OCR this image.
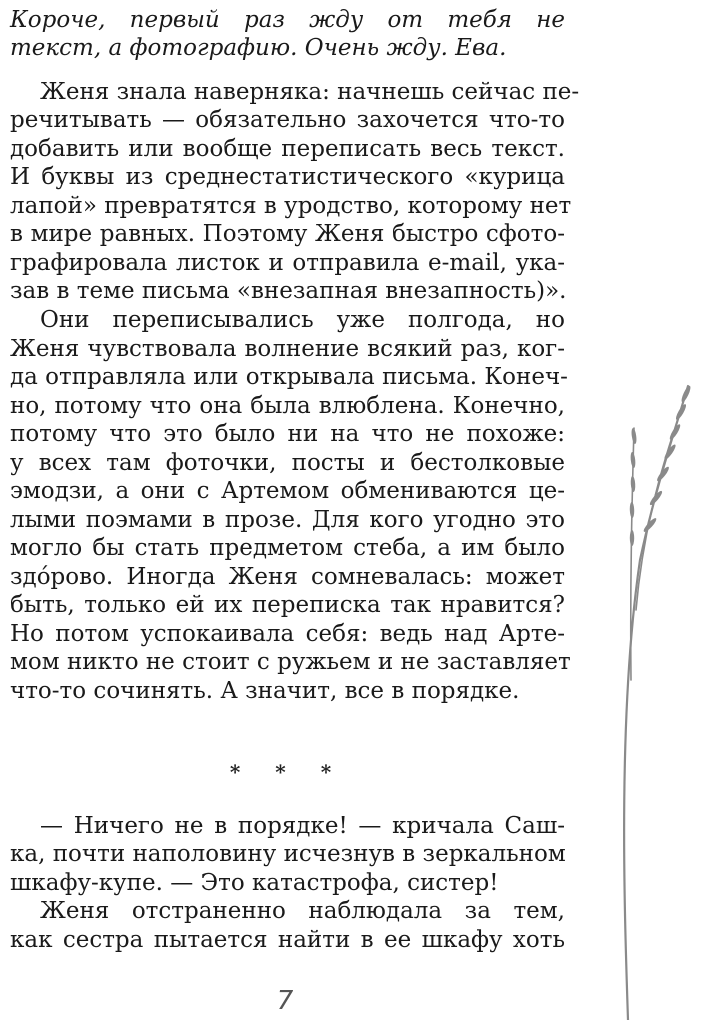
Короче, первый раз жду от тебя не
текст, а фотографию. Очень жду. Ева.
Женя знала наверняка: начнешь сейчас пе-
речитывать — обязательно захочется что-то
добавить или вообще переписать весь текст.
И буквы из среднестатистического «курица
лапой» превратятся в уродство, которому нет
в мире равных. Поэтому Женя быстро сфото-
графировала листок и отправила e-mail, ука-
зав в теме письма «внезапная внезапность)».
Они переписывались уже полгода, но
Женя чувствовала волнение всякий раз, ког-
да отправляла или открывала письма. Конеч-
но, потому что она была влюблена. Конечно,
потому что это было ни на что не похоже:
у всех там фоточки, посты и бестолковые
эмодзи, а они с Артемом обмениваются це-
лыми поэмами в прозе. Для кого угодно это
могло бы стать предметом стеба, а им было
здóрово. Иногда Женя сомневалась: может
быть, только ей их переписка так нравится?
Но потом успокаивала себя: ведь над Арте-
мом никто не стоит с ружьем и не заставляет
что-то сочинять. А значит, все в порядке.
* * *
— Ничего не в порядке! — кричала Саш-
ка, почти наполовину исчезнув в зеркальном
шкафу-купе. — Это катастрофа, систер!
Женя отстраненно наблюдала за тем,
как сестра пытается найти в ее шкафу хоть
7
